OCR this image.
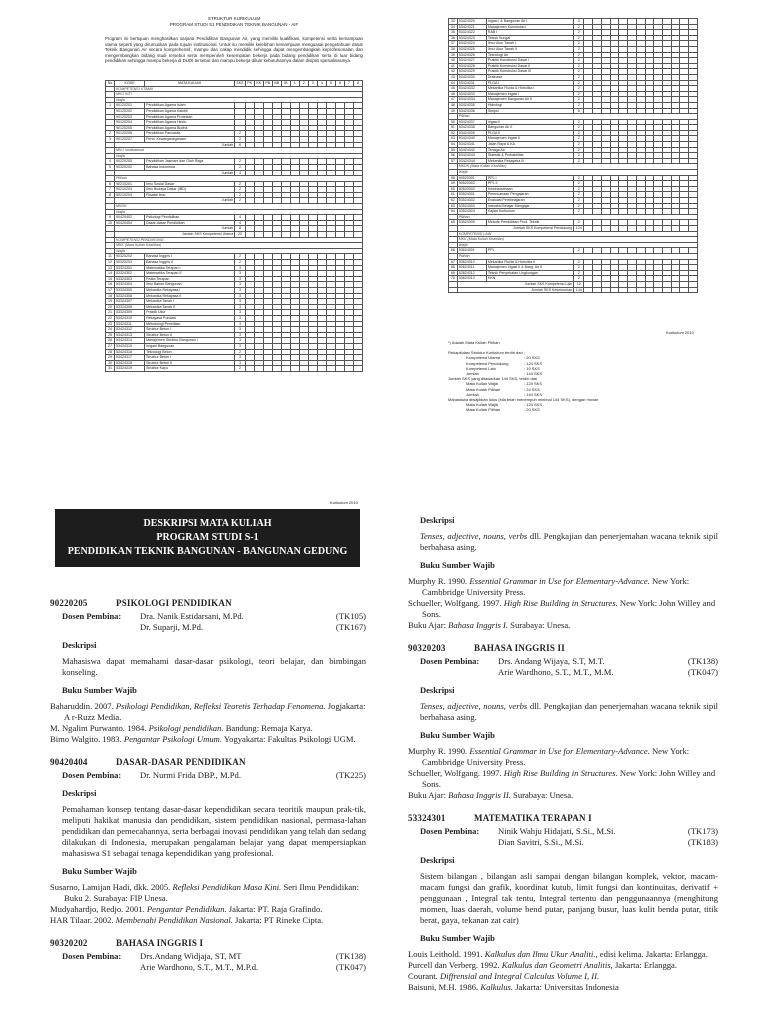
STRUKTUR KURIKULUM
PROGRAM STUDI S1 PENDIDIKAN TEKNIK BANGUNAN - AIF
Program ini bertujuan menghasilkan sarjana Pendidikan Bangunan Air, yang memiliki kualifikasi, kompetensi serta kemampuan utama seperti yang dirumuskan pada tujuan institusional. Untuk itu memiliki kelebihan kemampuan menguasai pengetahuan dasar Teknik Bangunan Air secara komprehensif, mampu dan cakap mendidik sehingga dapat mengembangkan keprofesionalan dan mengembangkan bidang studi tersebut serta memperoleh kesempatan bekerja pada bidang pendidikan serta di luar bidang pendidikan sehingga mampu bekerja di DUDI tersebut dan mampu bekerja diluar kebutuhannya dalam disiplin spesialisasinya.
No	KODE	MATA KULIAH	SKS	PK	KK	PB	BB	IB	1	2	3	4	5	6	7	8
	KOMPETENSI UTAMA															
	MKU INTI															
	Wajib															
1	90120201	Pendidikan Agama Islam														
	90120202	Pendidikan Agama Katolik														
	90120203	Pendidikan Agama Protestan														
	90120204	Pendidikan Agama Hindu														
	90120205	Pendidikan Agama Budha														
2	90120206	Pendidikan Pancasila	2													
3	90120207	Pend. Kewarganegaraan	2													
	Jumlah		6													
	MKU Institusional															
	Wajib															
4	90220205	Pendidikan Jasmani dan Olah Raga	2													
5	90320202	Bahasa Indonesia	2													
	Jumlah		4													
	Pilihan															
6	90210201	Ilmu Sosial Dasar	2													
7	90210203	Ilmu Budaya Dasar (IBD)	2													
8	90210204	Filsafat Ilmu	2													
	Jumlah		2													
	MKDK															
	Wajib															
9	90420402	Psikologi Pendidikan	4													
10	90420404	Dasar-dasar Pendidikan	4													
	Jumlah		8													
	Jumlah SKS Kompetensi Utama		20													
	KOMPETENSI PENDUKUNG															
	MKK (Mata Kuliah Keahlian)															
	Wajib															
11	90320202	Bahasa Inggris I	2													
12	90320203	Bahasa Inggris II	2													
13	53324301	Matematika Terapan I	3													
14	53324302	Matematika Terapan II	3													
15	53324303	Fisika Terapan	3													
16	53324304	Ilmu Bahan Bangunan	3													
17	53324305	Mekanika Rekayasa I	3													
18	53324306	Mekanika Rekayasa II	3													
19	53324307	Mekanika Tanah I	3													
20	53324308	Mekanika Tanah II	3													
21	53324309	Praktik Ukur	3													
22	53424310	Rekayasa Pondasi	3													
23	53424311	Metodologi Penelitian	3													
24	53424312	Struktur Beton I	3													
25	53424313	Struktur Beton II	3													
26	53424314	Manajemen Struktur Bangunan I	3													
27	53424315	Irrigasi Bangunan	3													
28	53424316	Teknologi Beton	2													
29	53424317	Struktur Beton I	3													
30	53424318	Struktur Beton II	3													
31	53324319	Struktur Kayu	2													
Kurikulum 2010
33	53424320	Irigasi I & Bangunan Air I	3													
34	53424321	Manajemen Konstruksi I	2													
35	53324322	RAB I	2													
36	53424323	Teknik Sungai	2													
37	53424324	Ilmu Ukur Tanah I	2													
38	53424325	Ilmu Ukur Tanah II	2													
39	53424326	Teknologi Air	2													
40	53424327	Praktik Konstruksi Dasar I	2													
41	53424328	Praktik Konstruksi Dasar II	2													
42	53424329	Praktik Konstruksi Dasar III	2													
43	53424330	Drainase	2													
44	53424331	PLGA I	2													
45	53424332	Mekanika Fluida & Hidrolika I	2													
46	53424333	Manajemen Irigasi I	2													
47	53424334	Manajemen Bangunan Air II	2													
48	53424335	Hidrologi	2													
49	53424336	Skripsi	6													
	Pilihan															
50	53424337	Irigasi II	2													
51	53424338	Bangunan Air II	2													
52	53424339	PLGA II	2													
53	53424340	Manajemen Irigasi II	2													
54	53424341	Jalan Raya & KA	2													
55	53424342	Tenaga Air	2													
56	53424343	Statistik & Probabilitas	2													
57	53424344	Mekanika Rekayasa III	2													
	MKDK (Mata Kuliah Keahlian)															
	Wajib															
58	90520301	PPL I	2													
59	90520302	PPL II	2													
60	90520303	Kewirausahaan	2													
61	53524301	Perencanaan Pengajaran	2													
62	53524302	Evaluasi Pembelajaran	2													
63	53524303	Interaksi Belajar Mengajar	2													
64	53524304	Kajian Kurikulum	2													
	Pilihan															
65	53524305	Metode Pendidikan Prod. Teknik	2													
	Jumlah SKS Kompetensi Pendukung		124													
	KOMPETENSI LAIN															
	MKK (Mata Kuliah Keahlian)															
	Wajib															
66	53624301	PPL	2													
	Pilihan															
67	53624310	Mekanika Fluida & Hidrolika II	2													
68	53624311	Manajemen Irigasi II & Bang. Air II	2													
69	53624312	Teknik Penyehatan Lingkungan	2													
70	53624313	KKN	2													
	Jumlah SKS Kompetensi Lain		10													
	Jumlah SKS Keseluruhan		144													
Kurikulum 2010
*) Adalah Mata Kuliah Pilihan
Rekapitulasi Struktur Kurikulum terdiri dari :
Kompetensi Utama	: 20 SKS
Kompetensi Pendukung	: 124 SKS
Kompetensi Lain	: 10 SKS
Jumlah	: 144 SKS
Jumlah SKS yang ditawarkan 144 SKS, terdiri dari
Mata Kuliah Wajib	: 124 SKS
Mata Kuliah Pilihan	: 24 SKS
Jumlah	: 144 SKS
Mahasiswa diwajibkan lulus (bila telah menempuh minimal 144 SKS), dengan rincian
Mata Kuliah Wajib	: 124 SKS
Mata Kuliah Pilihan	: 20 SKS
DESKRIPSI MATA KULIAH
PROGRAM STUDI S-1
PENDIDIKAN TEKNIK BANGUNAN - BANGUNAN GEDUNG
90220205	PSIKOLOGI PENDIDIKAN
Dosen Pembina:	Dra. Nanik Estidarsani, M.Pd.	(TK105)
Dr. Suparji, M.Pd.	(TK167)
Deskripsi
Mahasiswa dapat memahami dasar-dasar psikologi, teori belajar, dan bimbingan konseling.
Buku Sumber Wajib
Baharuddin. 2007. Psikologi Pendidikan, Refleksi Teoretis Terhadap Fenomena. Jogjakarta: A r-Ruzz Media.
M. Ngalim Purwanto. 1984. Psikologi pendidikan. Bandung: Remaja Karya.
Bimo Walgito. 1983. Pengantar Psikologi Umum. Yogyakarta: Fakultas Psikologi UGM.
90420404	DASAR-DASAR PENDIDIKAN
Dosen Pembina:	Dr. Nurmi Frida DBP., M.Pd.	(TK225)
Deskripsi
Pemahaman konsep tentang dasar-dasar kependidikan secara teoritik maupun prak-tik, meliputi hakikat manusia dan pendidikan, sistem pendidikan nasional, permasa-lahan pendidikan dan pemecahannya, serta berbagai inovasi pendidikan yang telah dan sedang dilakukan di Indonesia, merupakan pengalaman belajar yang dapat mempersiapkan mahasiswa S1 sebagai tenaga kependidikan yang profesional.
Buku Sumber Wajib
Susarno, Lamijan Hadi, dkk. 2005. Refleksi Pendidikan Masa Kini. Seri Ilmu Pendidikan: Buku 2. Surabaya: FIP Unesa.
Mudyahardjo, Redjo. 2001. Pengantar Pendidikan. Jakarta: PT. Raja Grafindo.
HAR Tilaar. 2002. Membenahi Pendidikan Nasional. Jakarta: PT Rineke Cipta.
90320202	BAHASA INGGRIS I
Dosen Pembina:	Drs.Andang Widjaja, ST, MT	(TK138)
Arie Wardhono, S.T., M.T., M.P.d.	(TK047)
Deskripsi
Tenses, adjective, nouns, verbs dll. Pengkajian dan penerjemahan wacana teknik sipil berbahasa asing.
Buku Sumber Wajib
Murphy R. 1990. Essential Grammar in Use for Elementary-Advance. New York: Cambbridge University Press.
Schueller, Wolfgang. 1997. High Rise Building in Structures. New York: John Willey and Sons.
Buku Ajar: Bahasa Inggris I. Surabaya: Unesa.
90320203	BAHASA INGGRIS II
Dosen Pembina:	Drs. Andang Wijaya, S.T, M.T.	(TK138)
Arie Wardhono, S.T., M.T., M.M.	(TK047)
Deskripsi
Tenses, adjective, nouns, verbs dll. Pengkajian dan penerjemahan wacana teknik sipil berbahasa asing.
Buku Sumber Wajib
Murphy R. 1990. Essential Grammar in Use for Elementary-Advance. New York: Cambbridge University Press.
Schueller, Wolfgang. 1997. High Rise Building in Structures. New York: John Willey and Sons.
Buku Ajar: Bahasa Inggris II. Surabaya: Unesa.
53324301	MATEMATIKA TERAPAN I
Dosen Pembina:	Ninik Wahju Hidajati, S.Si., M.Si.	(TK173)
Dian Savitri, S.Si., M.Si.	(TK183)
Deskripsi
Sistem bilangan , bilangan asli sampai dengan bilangan komplek, vektor, macam-macam fungsi dan grafik, koordinat kutub, limit fungsi dan kontinuitas, derivatif + penggunaan , Integral tak tentu, Integral tertentu dan penggunaannya (menghitung momen, luas daerah, volume bend putar, panjang busur, luas kulit benda putar, titik berat, gaya, tekanan zat cair)
Buku Sumber Wajib
Louis Leithold. 1991. Kalkulus dan Ilmu Ukur Analiti., edisi kelima. Jakarta: Erlangga.
Purcell dan Verberg. 1992. Kalkulus dan Geometri Analitis, Jakarta: Erlangga.
Courant. Diffrensial and Integral Calculus Volume I, II.
Baisuni, M.H. 1986. Kalkulus. Jakarta: Universitas Indonesia
